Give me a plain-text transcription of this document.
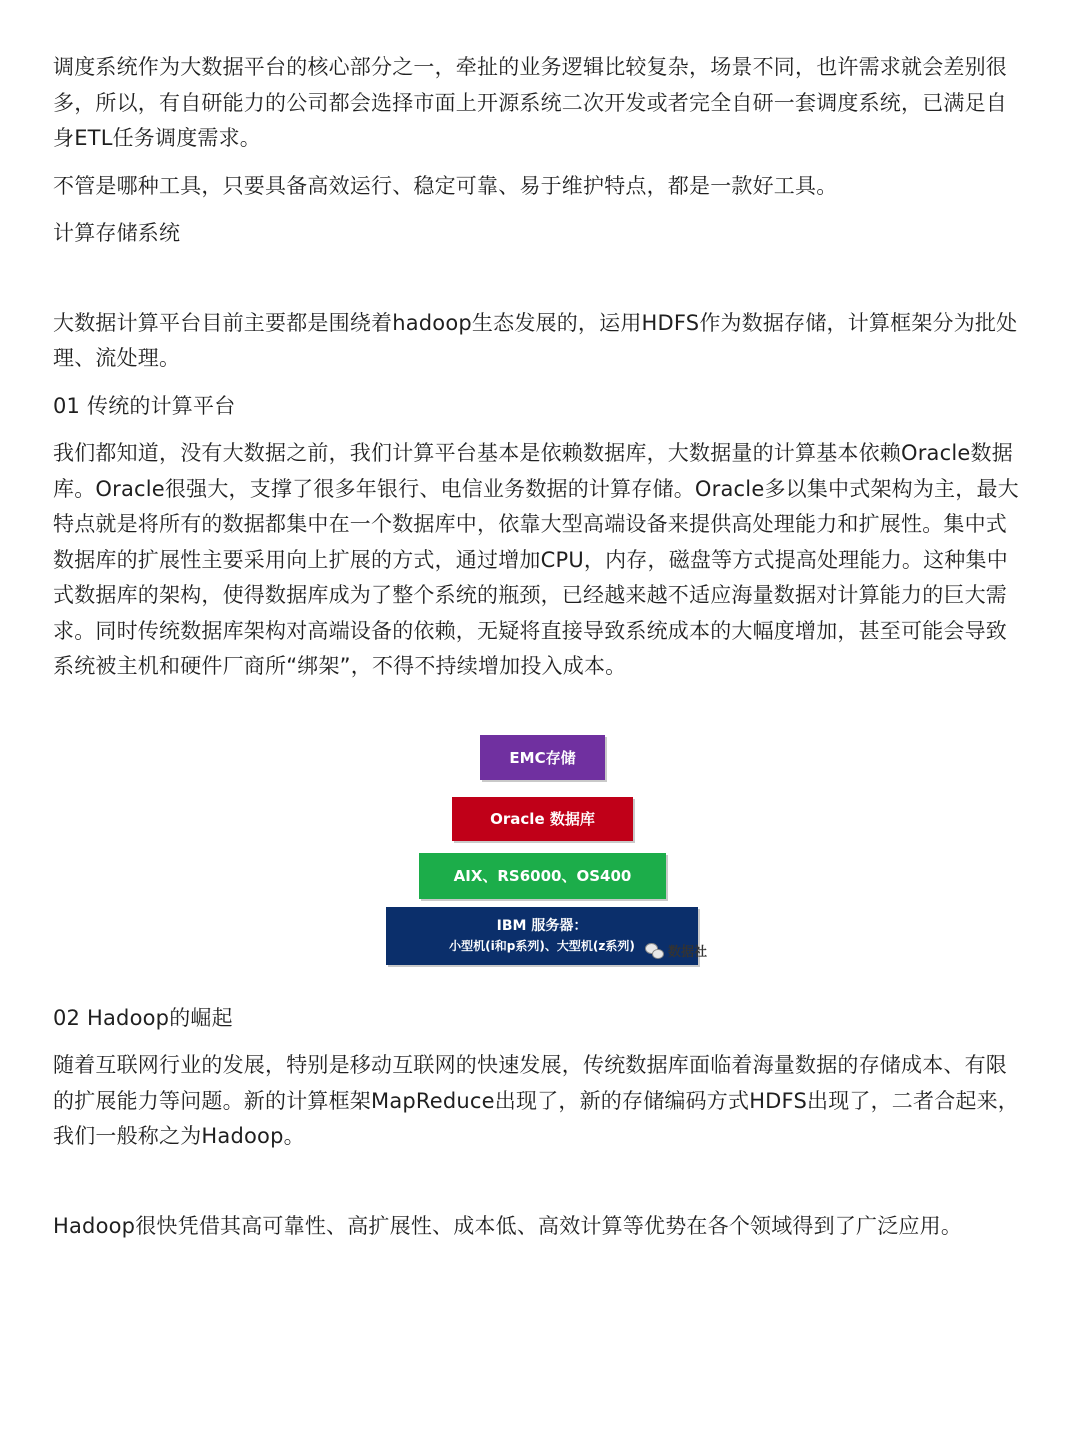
调度系统作为大数据平台的核心部分之一，牵扯的业务逻辑比较复杂，场景不同，也许需求就会差别很多，所以，有自研能力的公司都会选择市面上开源系统二次开发或者完全自研一套调度系统，已满足自身ETL任务调度需求。

不管是哪种工具，只要具备高效运行、稳定可靠、易于维护特点，都是一款好工具。

计算存储系统

大数据计算平台目前主要都是围绕着hadoop生态发展的，运用HDFS作为数据存储，计算框架分为批处理、流处理。

01 传统的计算平台

我们都知道，没有大数据之前，我们计算平台基本是依赖数据库，大数据量的计算基本依赖Oracle数据库。Oracle很强大，支撑了很多年银行、电信业务数据的计算存储。Oracle多以集中式架构为主，最大特点就是将所有的数据都集中在一个数据库中，依靠大型高端设备来提供高处理能力和扩展性。集中式数据库的扩展性主要采用向上扩展的方式，通过增加CPU，内存，磁盘等方式提高处理能力。这种集中式数据库的架构，使得数据库成为了整个系统的瓶颈，已经越来越不适应海量数据对计算能力的巨大需求。同时传统数据库架构对高端设备的依赖，无疑将直接导致系统成本的大幅度增加，甚至可能会导致系统被主机和硬件厂商所“绑架”，不得不持续增加投入成本。

EMC存储
Oracle 数据库
AIX、RS6000、OS400
IBM 服务器：
小型机(i和p系列)、大型机(z系列)	数据社

02 Hadoop的崛起

随着互联网行业的发展，特别是移动互联网的快速发展，传统数据库面临着海量数据的存储成本、有限的扩展能力等问题。新的计算框架MapReduce出现了，新的存储编码方式HDFS出现了，二者合起来，我们一般称之为Hadoop。

Hadoop很快凭借其高可靠性、高扩展性、成本低、高效计算等优势在各个领域得到了广泛应用。
